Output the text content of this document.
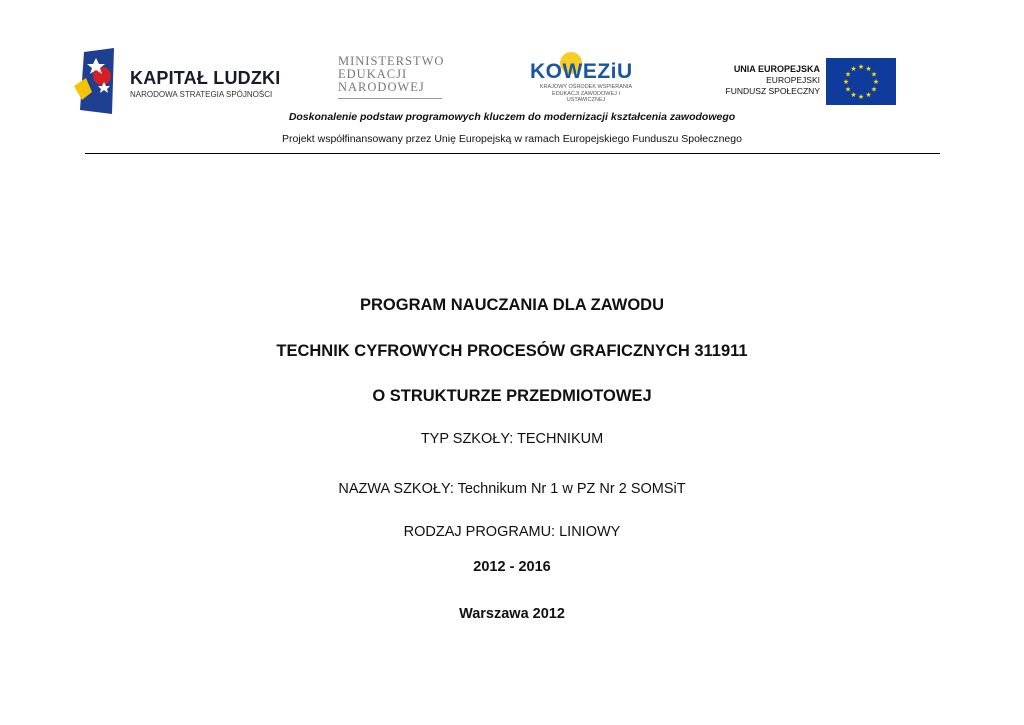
KAPITAŁ LUDZKI
NARODOWA STRATEGIA SPÓJNOŚCI
MINISTERSTWO
EDUKACJI
NARODOWEJ
KOWEZiU
KRAJOWY OŚRODEK WSPIERANIA EDUKACJI ZAWODOWEJ I USTAWICZNEJ
UNIA EUROPEJSKA
EUROPEJSKI
FUNDUSZ SPOŁECZNY
★ ★
★
★
★
★
★
★
★
★
★
★
Doskonalenie podstaw programowych kluczem do modernizacji kształcenia zawodowego
Projekt współfinansowany przez Unię Europejską w ramach Europejskiego Funduszu Społecznego
PROGRAM NAUCZANIA DLA ZAWODU
TECHNIK CYFROWYCH PROCESÓW GRAFICZNYCH 311911
O STRUKTURZE PRZEDMIOTOWEJ
TYP SZKOŁY: TECHNIKUM
NAZWA SZKOŁY: Technikum Nr 1 w PZ Nr 2 SOMSiT
RODZAJ PROGRAMU: LINIOWY
2012 - 2016
Warszawa 2012
